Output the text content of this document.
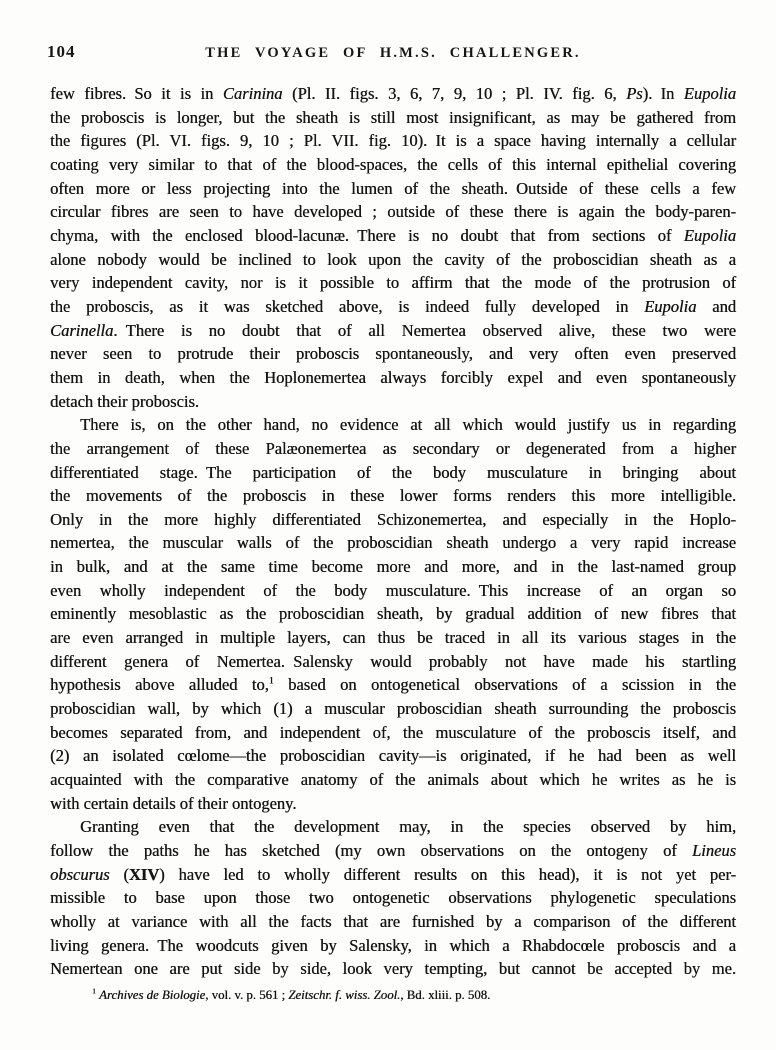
104	THE VOYAGE OF H.M.S. CHALLENGER.
few fibres. So it is in Carinina (Pl. II. figs. 3, 6, 7, 9, 10 ; Pl. IV. fig. 6, Ps). In Eupolia
the proboscis is longer, but the sheath is still most insignificant, as may be gathered from
the figures (Pl. VI. figs. 9, 10 ; Pl. VII. fig. 10). It is a space having internally a cellular
coating very similar to that of the blood-spaces, the cells of this internal epithelial covering
often more or less projecting into the lumen of the sheath. Outside of these cells a few
circular fibres are seen to have developed ; outside of these there is again the body-paren-
chyma, with the enclosed blood-lacunæ. There is no doubt that from sections of Eupolia
alone nobody would be inclined to look upon the cavity of the proboscidian sheath as a
very independent cavity, nor is it possible to affirm that the mode of the protrusion of
the proboscis, as it was sketched above, is indeed fully developed in Eupolia and
Carinella. There is no doubt that of all Nemertea observed alive, these two were
never seen to protrude their proboscis spontaneously, and very often even preserved
them in death, when the Hoplonemertea always forcibly expel and even spontaneously
detach their proboscis.
There is, on the other hand, no evidence at all which would justify us in regarding
the arrangement of these Palæonemertea as secondary or degenerated from a higher
differentiated stage. The participation of the body musculature in bringing about
the movements of the proboscis in these lower forms renders this more intelligible.
Only in the more highly differentiated Schizonemertea, and especially in the Hoplo-
nemertea, the muscular walls of the proboscidian sheath undergo a very rapid increase
in bulk, and at the same time become more and more, and in the last-named group
even wholly independent of the body musculature. This increase of an organ so
eminently mesoblastic as the proboscidian sheath, by gradual addition of new fibres that
are even arranged in multiple layers, can thus be traced in all its various stages in the
different genera of Nemertea. Salensky would probably not have made his startling
hypothesis above alluded to,$^1$ based on ontogenetical observations of a scission in the
proboscidian wall, by which (1) a muscular proboscidian sheath surrounding the proboscis
becomes separated from, and independent of, the musculature of the proboscis itself, and
(2) an isolated cœlome—the proboscidian cavity—is originated, if he had been as well
acquainted with the comparative anatomy of the animals about which he writes as he is
with certain details of their ontogeny.
Granting even that the development may, in the species observed by him,
follow the paths he has sketched (my own observations on the ontogeny of Lineus
obscurus (XIV) have led to wholly different results on this head), it is not yet per-
missible to base upon those two ontogenetic observations phylogenetic speculations
wholly at variance with all the facts that are furnished by a comparison of the different
living genera. The woodcuts given by Salensky, in which a Rhabdocœle proboscis and a
Nemertean one are put side by side, look very tempting, but cannot be accepted by me.
$^1$ Archives de Biologie, vol. v. p. 561 ; Zeitschr. f. wiss. Zool., Bd. xliii. p. 508.
